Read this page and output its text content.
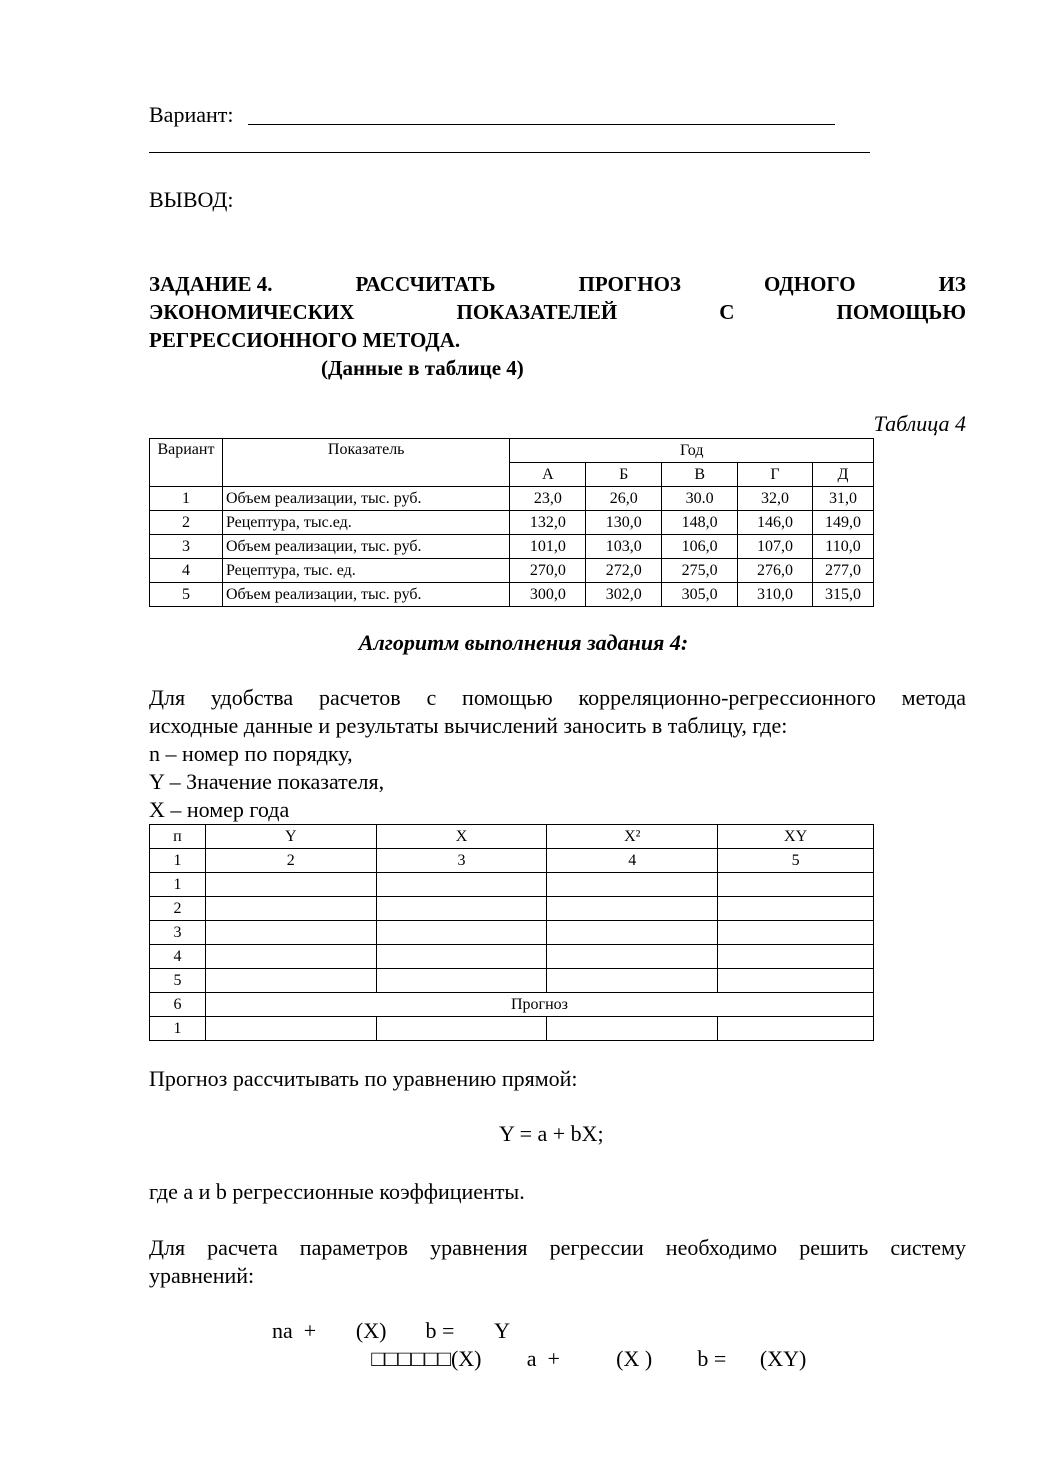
Вариант:
ВЫВОД:
ЗАДАНИЕ 4.	РАССЧИТАТЬ	ПРОГНОЗ	ОДНОГО	ИЗ
ЭКОНОМИЧЕСКИХ	ПОКАЗАТЕЛЕЙ	С	ПОМОЩЬЮ
РЕГРЕССИОННОГО МЕТОДА.
(Данные в таблице 4)
Таблица 4
Вариант	Показатель	Год				
		А	Б	В	Г	Д
1	Объем реализации, тыс. руб.	23,0	26,0	30.0	32,0	31,0
2	Рецептура, тыс.ед.	132,0	130,0	148,0	146,0	149,0
3	Объем реализации, тыс. руб.	101,0	103,0	106,0	107,0	110,0
4	Рецептура, тыс. ед.	270,0	272,0	275,0	276,0	277,0
5	Объем реализации, тыс. руб.	300,0	302,0	305,0	310,0	315,0
Алгоритм выполнения задания 4:
Для удобства расчетов с помощью корреляционно-регрессионного метода
исходные данные и результаты вычислений заносить в таблицу, где:
n – номер по порядку,
Y – Значение показателя,
X – номер года
п	Y	X	X²	XY
1	2	3	4	5
1				
2				
3				
4				
5				
6	Прогноз			
1				
Прогноз рассчитывать по уравнению прямой:
Y = a + bX;
где a и b регрессионные коэффициенты.
Для расчета параметров уравнения регрессии необходимо решить систему
уравнений:
na  +   (X)     b =   Y
  □□□□□□(X)    a  +      (X )    b =    (XY)
